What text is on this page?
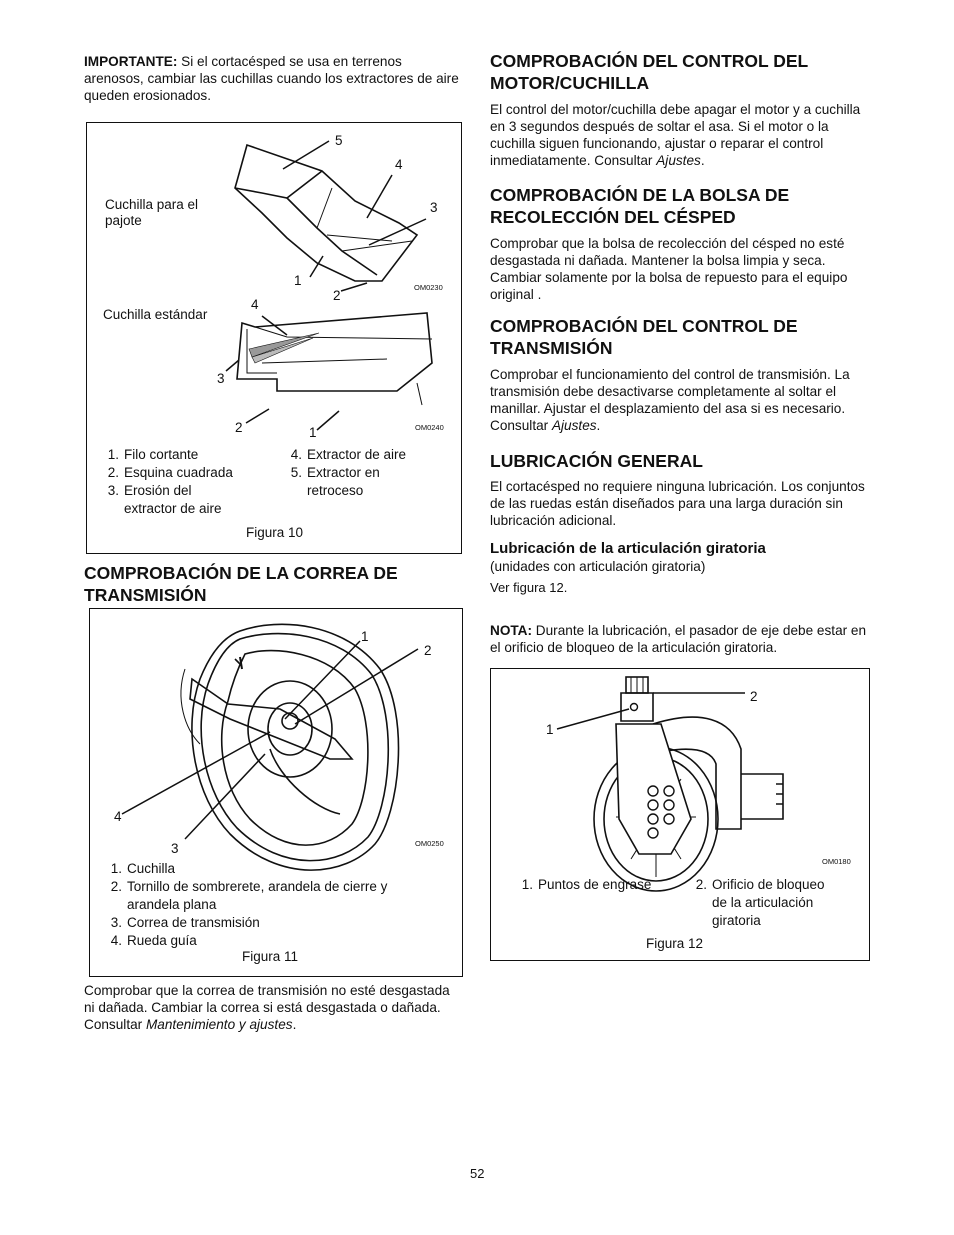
IMPORTANTE: Si el cortacésped se usa en terrenos arenosos, cambiar las cuchillas cuando los extractores de aire queden erosionados.

Cuchilla para el pajote
Cuchilla estándar
5
4
3
1
2
OM0230
4
3
2	1	OM0240
1. Filo cortante
2. Esquina cuadrada
3. Erosión del extractor de aire
4. Extractor de aire
5. Extractor en retroceso
Figura 10
COMPROBACIÓN DE LA CORREA DE TRANSMISIÓN
1
2
4
3	OM0250
1. Cuchilla
2. Tornillo de sombrerete, arandela de cierre y arandela plana
3. Correa de transmisión
4. Rueda guía
Figura 11

Comprobar que la correa de transmisión no esté desgastada ni dañada. Cambiar la correa si está desgastada o dañada. Consultar Mantenimiento y ajustes.

COMPROBACIÓN DEL CONTROL DEL MOTOR/CUCHILLA

El control del motor/cuchilla debe apagar el motor y a cuchilla en 3 segundos después de soltar el asa. Si el motor o la cuchilla siguen funcionando, ajustar o reparar el control inmediatamente. Consultar Ajustes.

COMPROBACIÓN DE LA BOLSA DE RECOLECCIÓN DEL CÉSPED

Comprobar que la bolsa de recolección del césped no esté desgastada ni dañada. Mantener la bolsa limpia y seca. Cambiar solamente por la bolsa de repuesto para el equipo original .

COMPROBACIÓN DEL CONTROL DE TRANSMISIÓN

Comprobar el funcionamiento del control de transmisión. La transmisión debe desactivarse completamente al soltar el manillar. Ajustar el desplazamiento del asa si es necesario. Consultar Ajustes.

LUBRICACIÓN GENERAL

El cortacésped no requiere ninguna lubricación. Los conjuntos de las ruedas están diseñados para una larga duración sin lubricación adicional.

Lubricación de la articulación giratoria

(unidades con articulación giratoria)

Ver figura 12.

NOTA: Durante la lubricación, el pasador de eje debe estar en el orificio de bloqueo de la articulación giratoria.

2
1
OM0180
1. Puntos de engrase	2. Orificio de bloqueo de la articulación giratoria
Figura 12
52
